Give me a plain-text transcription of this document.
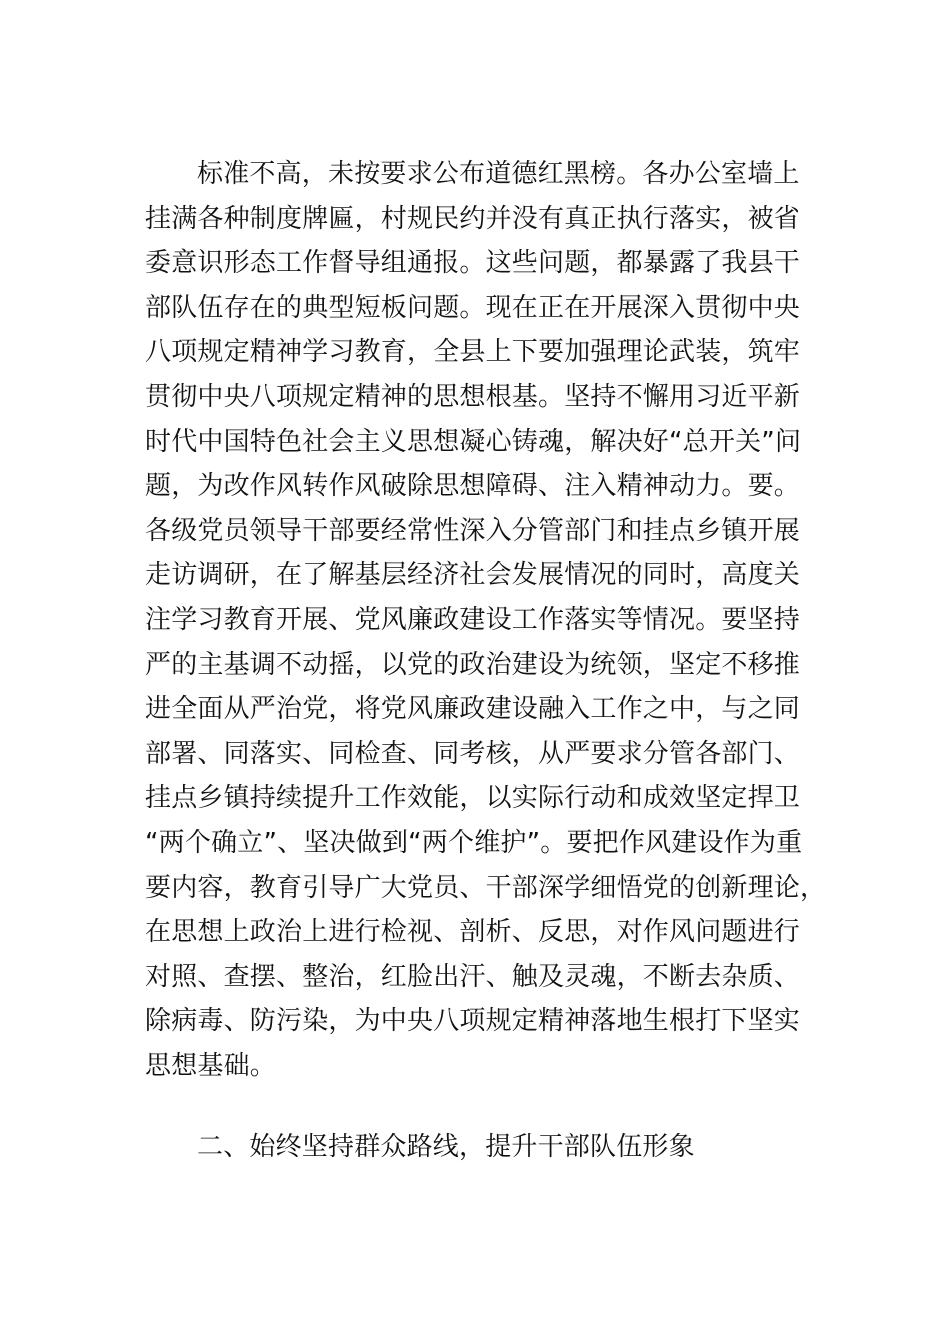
标准不高，未按要求公布道德红黑榜。各办公室墙上
挂满各种制度牌匾，村规民约并没有真正执行落实，被省
委意识形态工作督导组通报。这些问题，都暴露了我县干
部队伍存在的典型短板问题。现在正在开展深入贯彻中央
八项规定精神学习教育，全县上下要加强理论武装，筑牢
贯彻中央八项规定精神的思想根基。坚持不懈用习近平新
时代中国特色社会主义思想凝心铸魂，解决好“总开关”问
题，为改作风转作风破除思想障碍、注入精神动力。要。
各级党员领导干部要经常性深入分管部门和挂点乡镇开展
走访调研，在了解基层经济社会发展情况的同时，高度关
注学习教育开展、党风廉政建设工作落实等情况。要坚持
严的主基调不动摇，以党的政治建设为统领，坚定不移推
进全面从严治党，将党风廉政建设融入工作之中，与之同
部署、同落实、同检查、同考核，从严要求分管各部门、
挂点乡镇持续提升工作效能，以实际行动和成效坚定捍卫
“两个确立”、坚决做到“两个维护”。要把作风建设作为重
要内容，教育引导广大党员、干部深学细悟党的创新理论，
在思想上政治上进行检视、剖析、反思，对作风问题进行
对照、查摆、整治，红脸出汗、触及灵魂，不断去杂质、
除病毒、防污染，为中央八项规定精神落地生根打下坚实
思想基础。
二、始终坚持群众路线，提升干部队伍形象
